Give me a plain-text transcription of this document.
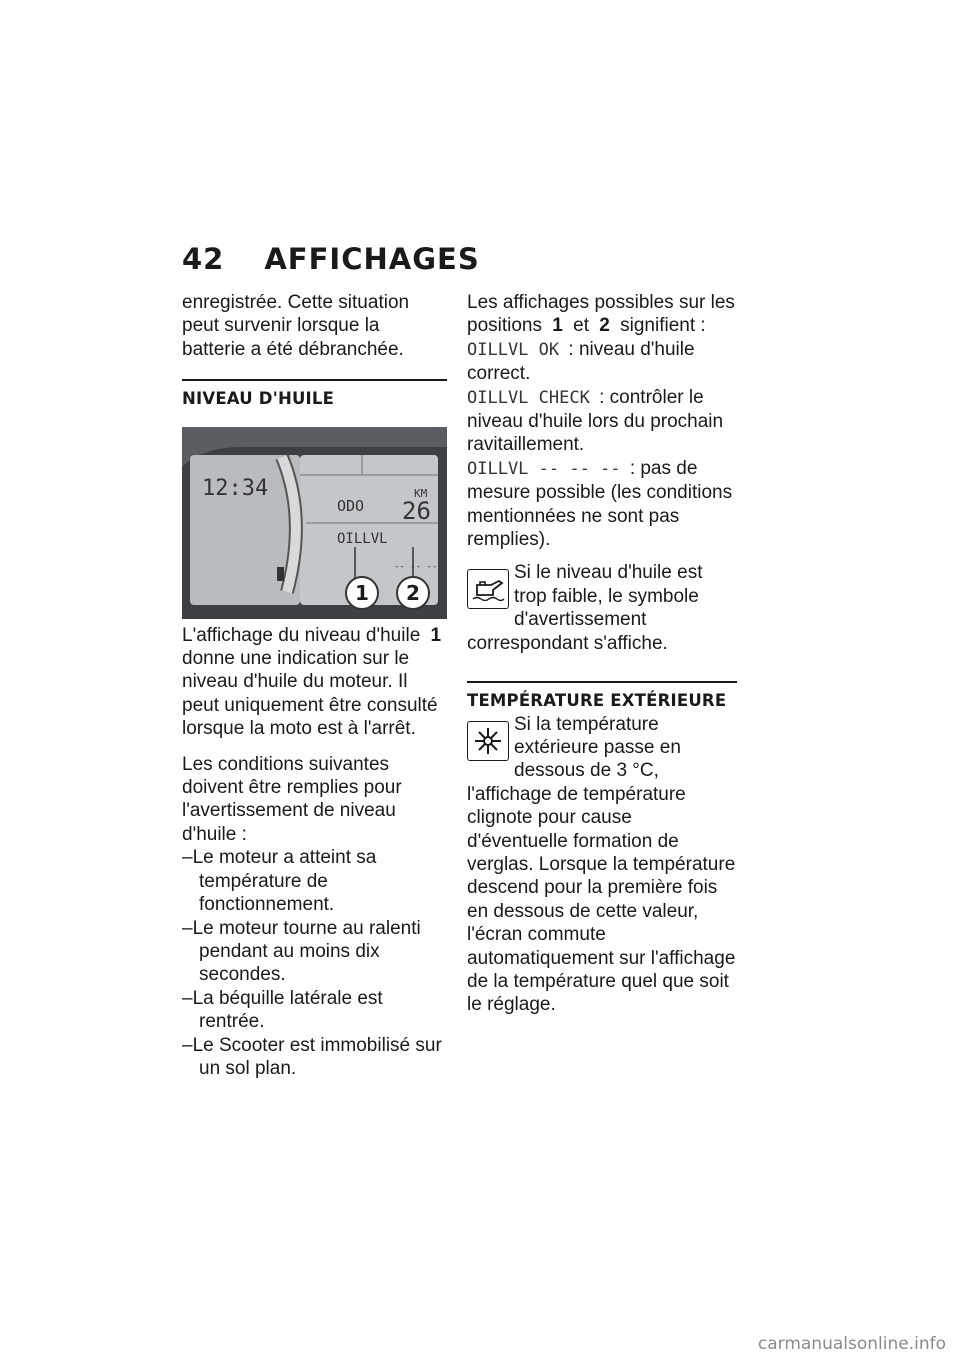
42 AFFICHAGES

enregistrée. Cette situation peut survenir lorsque la batterie a été débranchée.

NIVEAU D'HUILE
12:34
ODO
KM
26
OILLVL
-- -- --
1 2

L'affichage du niveau d'huile 1 donne une indication sur le niveau d'huile du moteur. Il peut uniquement être consulté lorsque la moto est à l'arrêt.

Les conditions suivantes doivent être remplies pour l'avertissement de niveau d'huile :

–Le moteur a atteint sa température de fonctionnement.
–Le moteur tourne au ralenti pendant au moins dix secondes.
–La béquille latérale est rentrée.
–Le Scooter est immobilisé sur un sol plan.

Les affichages possibles sur les positions 1 et 2 signifient :

OILLVL OK : niveau d'huile correct.

OILLVL CHECK : contrôler le niveau d'huile lors du prochain ravitaillement.

OILLVL -- -- -- : pas de mesure possible (les conditions mentionnées ne sont pas remplies).

Si le niveau d'huile est trop faible, le symbole d'avertissement correspondant s'affiche.

TEMPÉRATURE EXTÉRIEURE

Si la température extérieure passe en dessous de 3 °C, l'affichage de température clignote pour cause d'éventuelle formation de verglas. Lorsque la température descend pour la première fois en dessous de cette valeur, l'écran commute automatiquement sur l'affichage de la température quel que soit le réglage.

carmanualsonline.info
